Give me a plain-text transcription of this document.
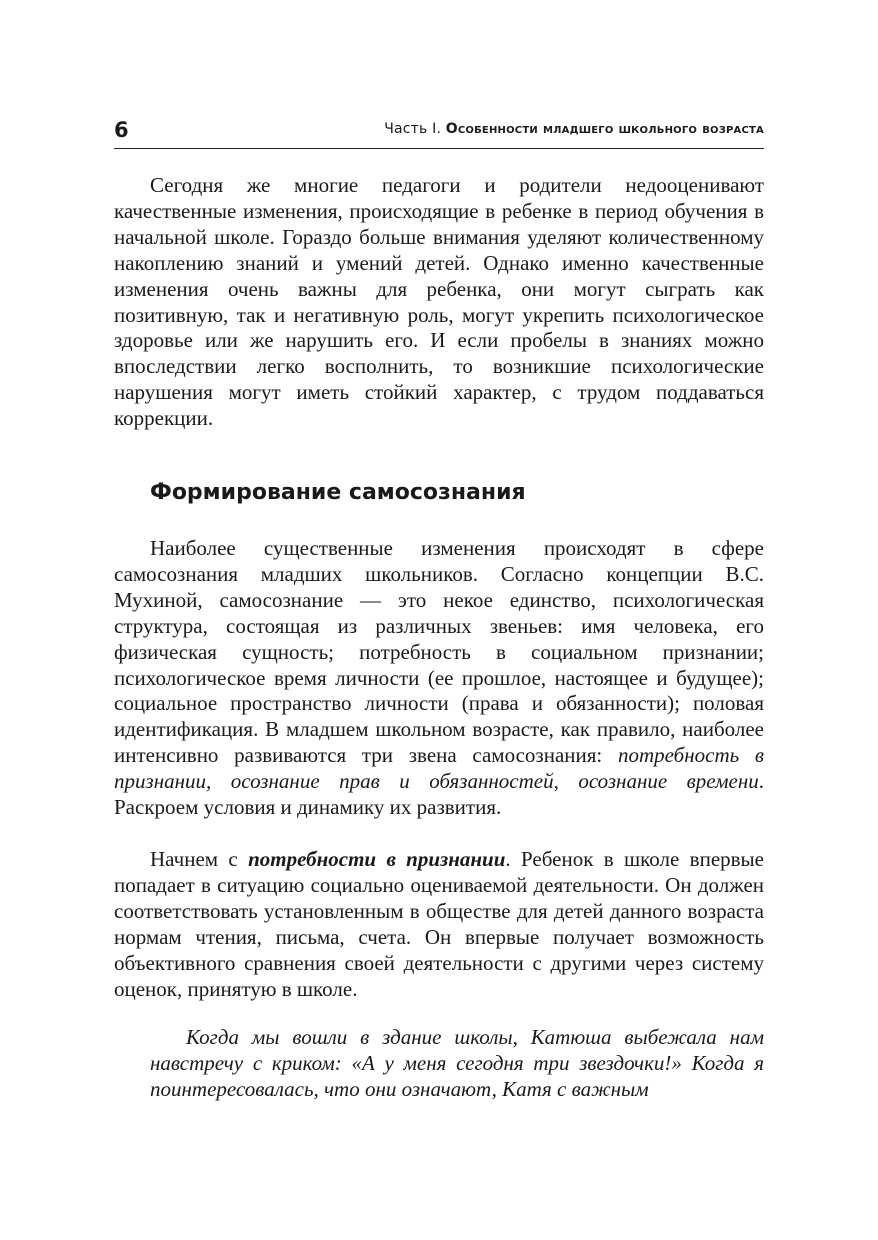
6	Часть I. Особенности младшего школьного возраста

Сегодня же многие педагоги и родители недооценивают качественные изменения, происходящие в ребенке в период обучения в начальной школе. Гораздо больше внимания уделяют количественному накоплению знаний и умений детей. Однако именно качественные изменения очень важны для ребенка, они могут сыграть как позитивную, так и негативную роль, могут укрепить психологическое здоровье или же нарушить его. И если пробелы в знаниях можно впоследствии легко восполнить, то возникшие психологические нарушения могут иметь стойкий характер, с трудом поддаваться коррекции.

Формирование самосознания

Наиболее существенные изменения происходят в сфере самосознания младших школьников. Согласно концепции В.С. Мухиной, самосознание — это некое единство, психологическая структура, состоящая из различных звеньев: имя человека, его физическая сущность; потребность в социальном признании; психологическое время личности (ее прошлое, настоящее и будущее); социальное пространство личности (права и обязанности); половая идентификация. В младшем школьном возрасте, как правило, наиболее интенсивно развиваются три звена самосознания: потребность в признании, осознание прав и обязанностей, осознание времени. Раскроем условия и динамику их развития.

Начнем с потребности в признании. Ребенок в школе впервые попадает в ситуацию социально оцениваемой деятельности. Он должен соответствовать установленным в обществе для детей данного возраста нормам чтения, письма, счета. Он впервые получает возможность объективного сравнения своей деятельности с другими через систему оценок, принятую в школе.

Когда мы вошли в здание школы, Катюша выбежала нам навстречу с криком: «А у меня сегодня три звездочки!» Когда я поинтересовалась, что они означают, Катя с важным
